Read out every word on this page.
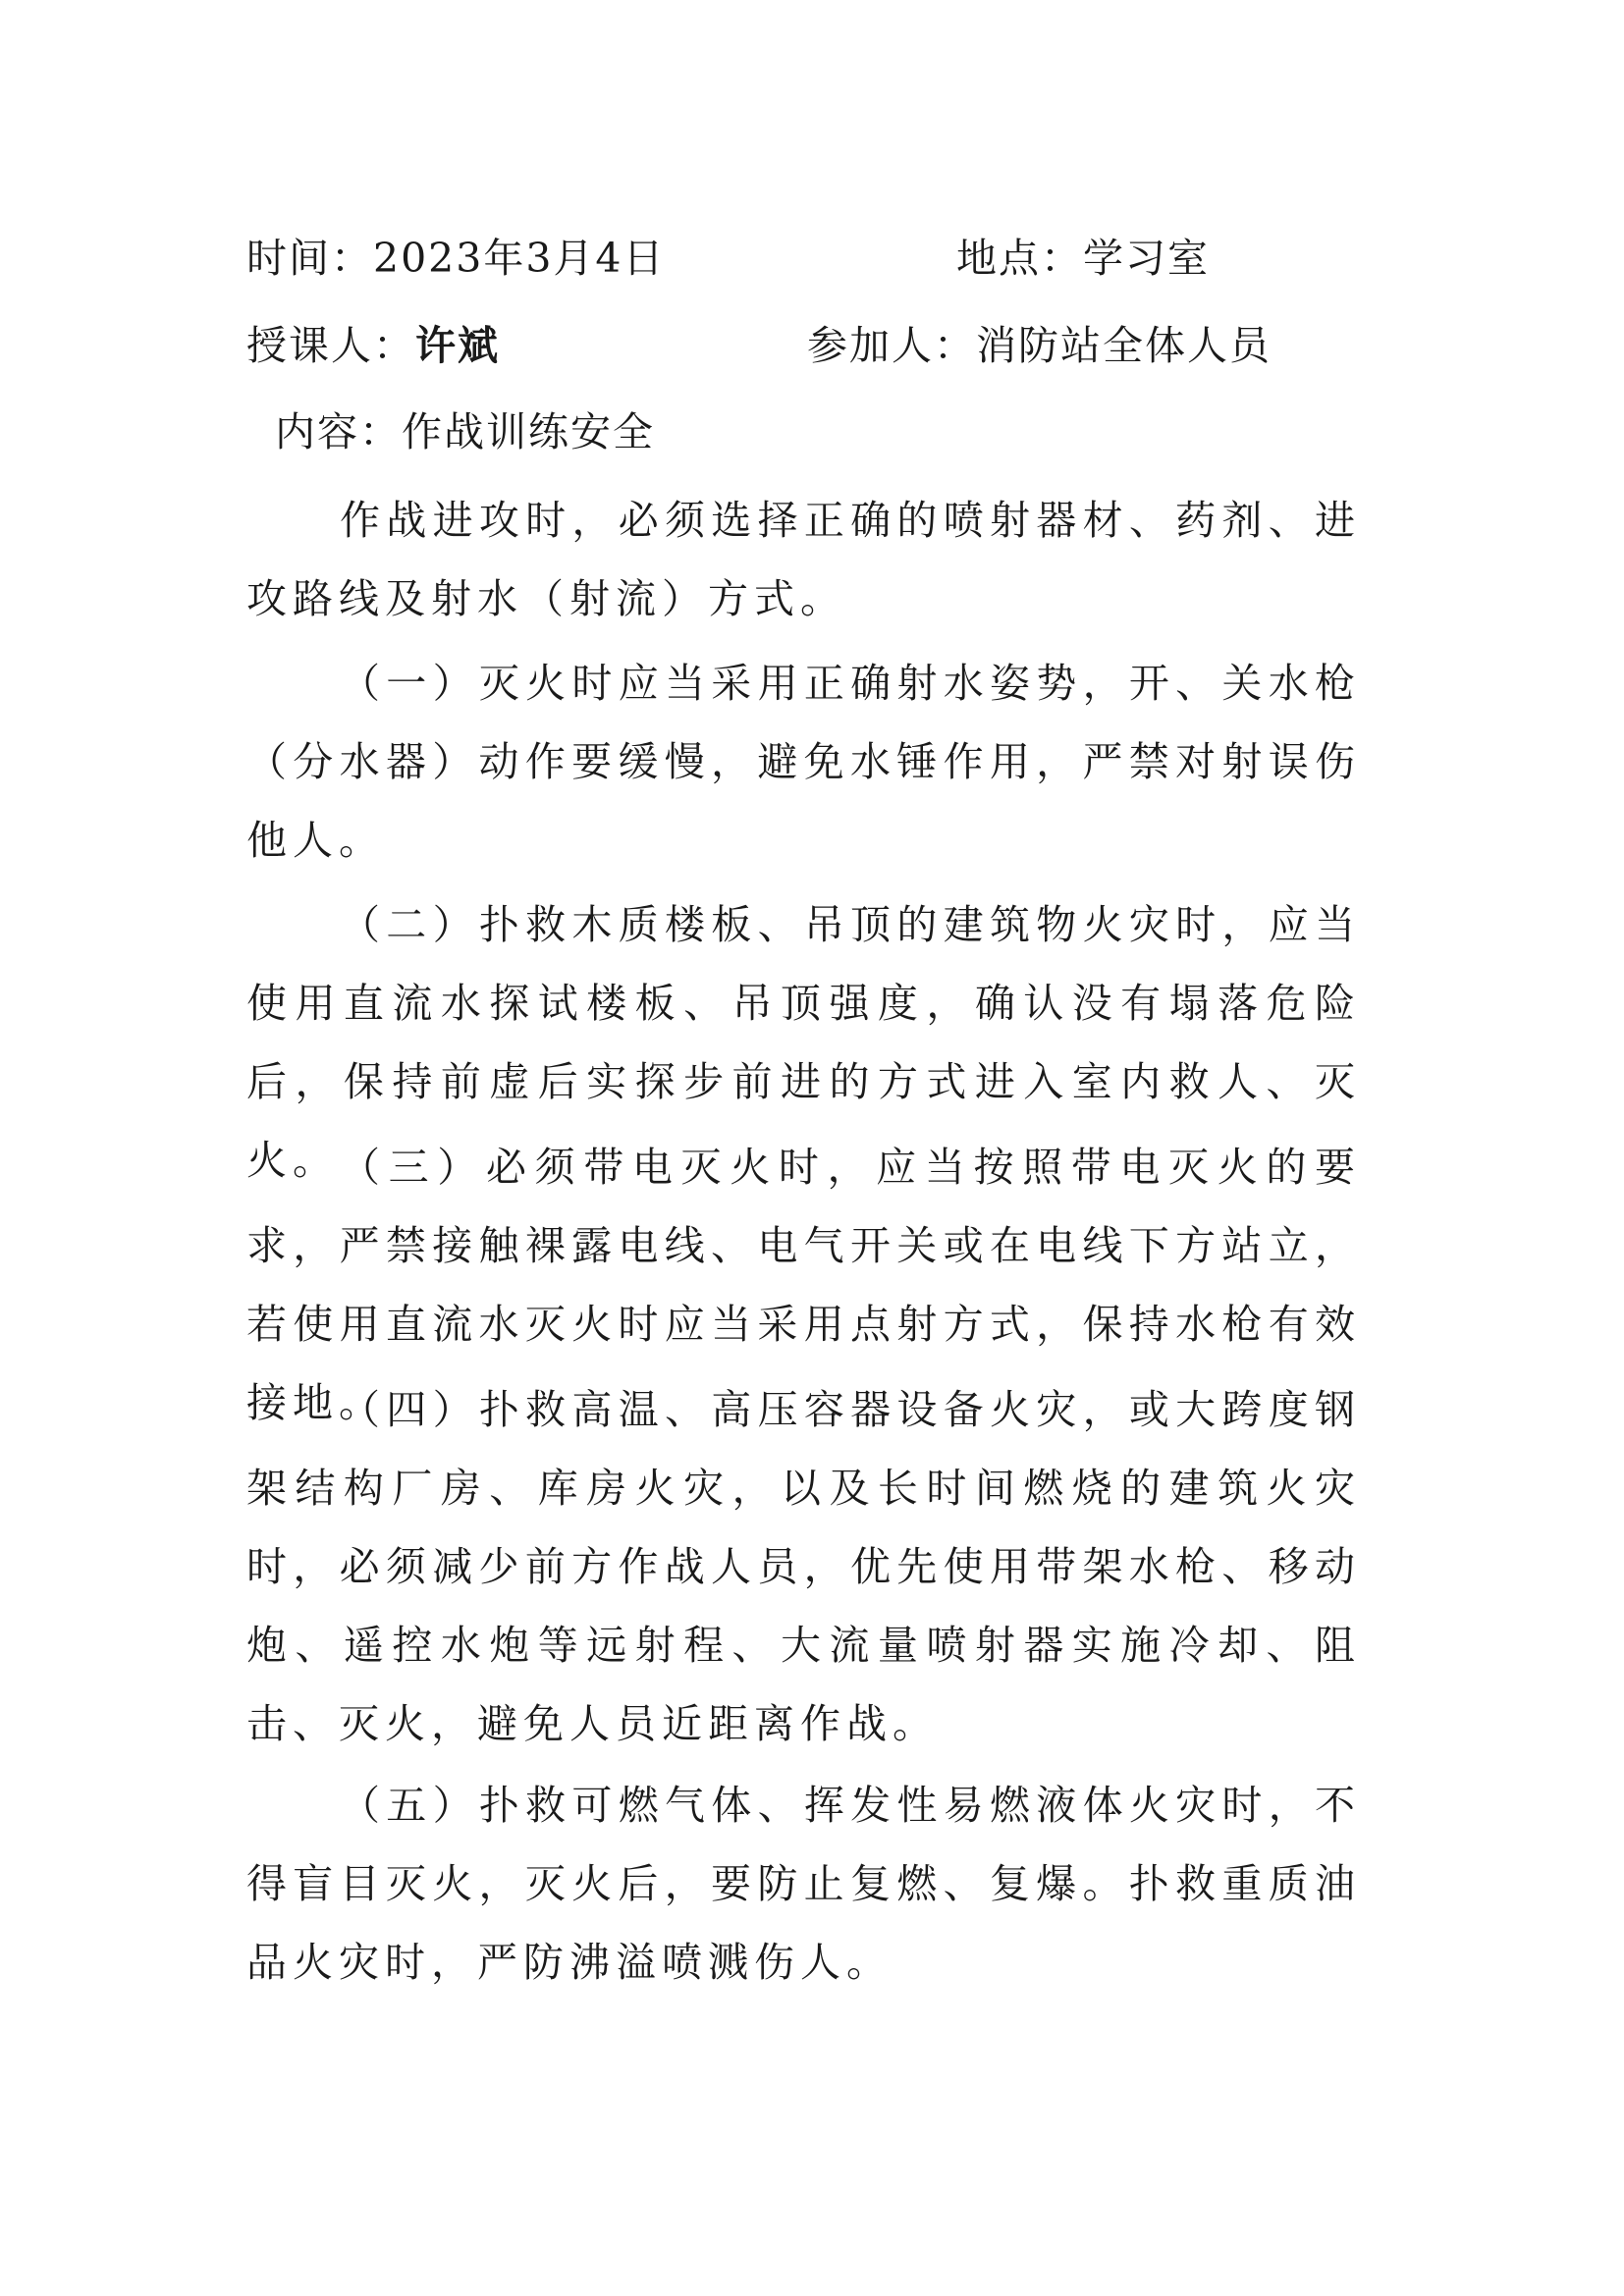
时间：2023年3月4日	地点：学习室
授课人：许斌	参加人：消防站全体人员
内容：作战训练安全

作战进攻时，必须选择正确的喷射器材、药剂、进攻路线及射水（射流）方式。

（一）灭火时应当采用正确射水姿势，开、关水枪（分水器）动作要缓慢，避免水锤作用，严禁对射误伤他人。

（二）扑救木质楼板、吊顶的建筑物火灾时，应当使用直流水探试楼板、吊顶强度，确认没有塌落危险后，保持前虚后实探步前进的方式进入室内救人、灭火。 （三）必须带电灭火时，应当按照带电灭火的要求，严禁接触裸露电线、电气开关或在电线下方站立，若使用直流水灭火时应当采用点射方式，保持水枪有效接地。

（四）扑救高温、高压容器设备火灾，或大跨度钢架结构厂房、库房火灾，以及长时间燃烧的建筑火灾时，必须减少前方作战人员，优先使用带架水枪、移动炮、遥控水炮等远射程、大流量喷射器实施冷却、阻击、灭火，避免人员近距离作战。

（五）扑救可燃气体、挥发性易燃液体火灾时，不得盲目灭火，灭火后，要防止复燃、复爆。扑救重质油品火灾时，严防沸溢喷溅伤人。
